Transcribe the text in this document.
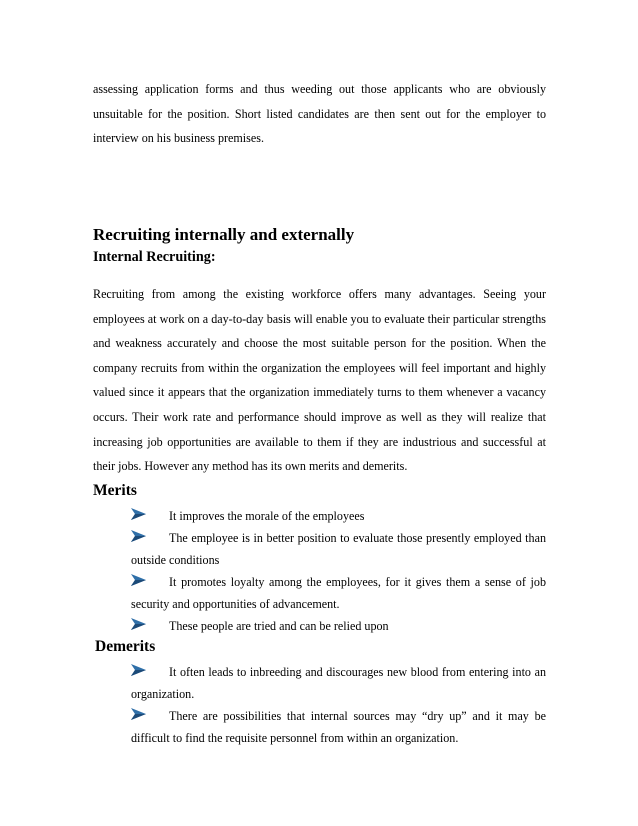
assessing application forms and thus weeding out those applicants who are obviously unsuitable for the position. Short listed candidates are then sent out for the employer to interview on his business premises.

Recruiting internally and externally
Internal Recruiting:

Recruiting from among the existing workforce offers many advantages. Seeing your employees at work on a day-to-day basis will enable you to evaluate their particular strengths and weakness accurately and choose the most suitable person for the position. When the company recruits from within the organization the employees will feel important and highly valued since it appears that the organization immediately turns to them whenever a vacancy occurs. Their work rate and performance should improve as well as they will realize that increasing job opportunities are available to them if they are industrious and successful at their jobs. However any method has its own merits and demerits.

Merits
It improves the morale of the employees
The employee is in better position to evaluate those presently employed than outside conditions
It promotes loyalty among the employees, for it gives them a sense of job security and opportunities of advancement.
These people are tried and can be relied upon
Demerits
It often leads to inbreeding and discourages new blood from entering into an organization.
There are possibilities that internal sources may “dry up” and it may be difficult to find the requisite personnel from within an organization.
